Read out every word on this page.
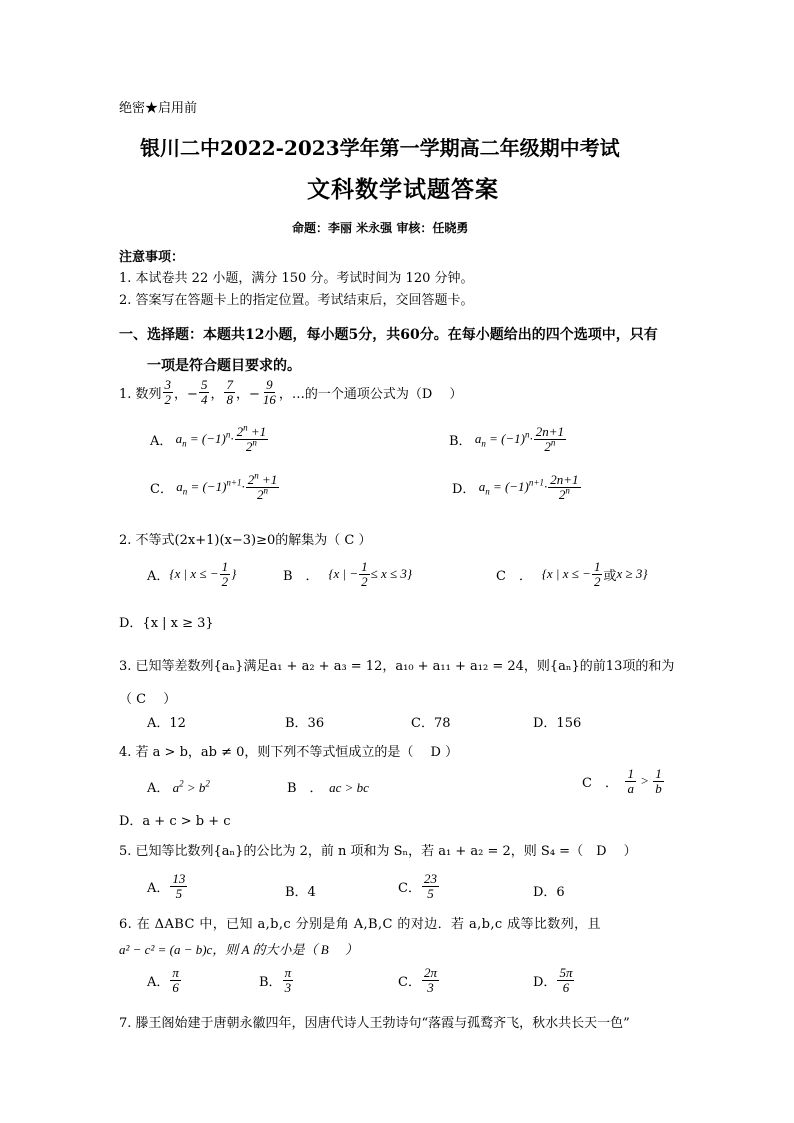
绝密★启用前
银川二中2022-2023学年第一学期高二年级期中考试
文科数学试题答案
命题：李丽 米永强 审核：任晓勇
注意事项：
1. 本试卷共 22 小题，满分 150 分。考试时间为 120 分钟。
2. 答案写在答题卡上的指定位置。考试结束后，交回答题卡。
一、选择题：本题共12小题，每小题5分，共60分。在每小题给出的四个选项中，只有
一项是符合题目要求的。
1. 数列 $\frac{3}{2}$ ，− $\frac{5}{4}$ ， $\frac{7}{8}$ ，− $\frac{9}{16}$ ，…的一个通项公式为（D　 ）
A． $a_n = (-1)^n\cdot \frac{2^n +1}{2^n}$	B． $a_n = (-1)^n\cdot \frac{2n+1}{2^n}$
C． $a_n = (-1)^{n+1}\cdot \frac{2^n +1}{2^n}$	D． $a_n = (-1)^{n+1}\cdot \frac{2n+1}{2^n}$
2. 不等式(2x+1)(x−3)≥0的解集为（ C ）
A． {x | x ≤ − $\frac{1}{2}$ }	B　．　 {x | − $\frac{1}{2} \le x \le 3$}	C　．　 {x | x ≤ − $\frac{1}{2}$ 或 x ≥ 3}
D．{x | x ≥ 3}
3. 已知等差数列{aₙ}满足a₁ + a₂ + a₃ = 12，a₁₀ + a₁₁ + a₁₂ = 24，则{aₙ}的前13项的和为
（ C　 ）
A．12	B．36	C．78	D．156
4. 若 a > b，ab ≠ 0，则下列不等式恒成立的是（　 D ）
A． $a^2 > b^2$	B　．　ac > bc	C　．　 $\frac{1}{a} > \frac{1}{b}$
D．a + c > b + c
5. 已知等比数列{aₙ}的公比为 2，前 n 项和为 Sₙ，若 a₁ + a₂ = 2，则 S₄ =（　D　 ）
A． $\frac{13}{5}$	B．4	C． $\frac{23}{5}$	D．6
6. 在 ΔABC 中，已知 a,b,c 分别是角 A,B,C 的对边．若 a,b,c 成等比数列，且
a² − c² = (a − b)c，则 A 的大小是（ B　 ）
A． $\frac{\pi}{6}$	B． $\frac{\pi}{3}$	C． $\frac{2\pi}{3}$	D． $\frac{5\pi}{6}$
7. 滕王阁始建于唐朝永徽四年，因唐代诗人王勃诗句“落霞与孤鹜齐飞，秋水共长天一色”
